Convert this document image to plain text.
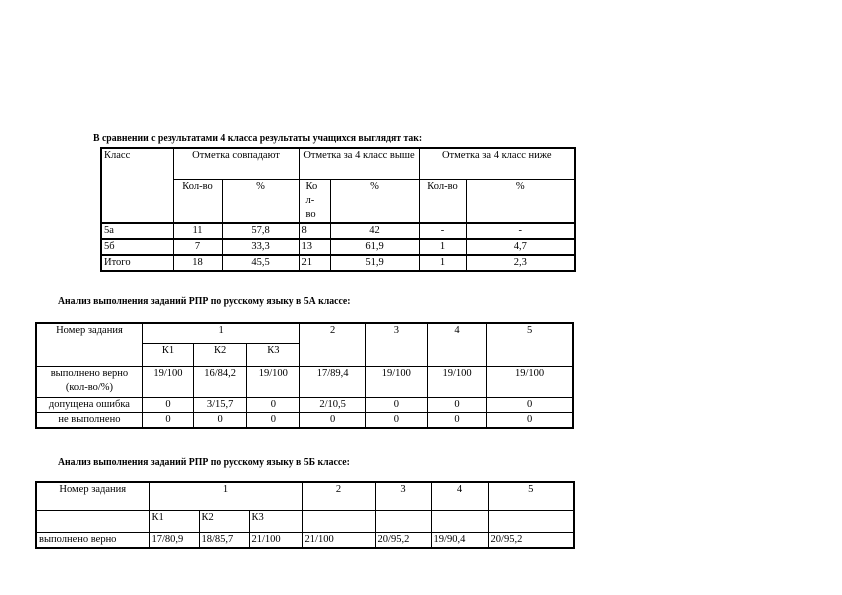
В сравнении с результатами 4 класса результаты учащихся выглядят так:
Класс	Отметка совпадают		Отметка за 4 класс выше		Отметка за 4 класс ниже	
	Кол-во	%	Ко л- во	%	Кол-во	%
5а	11	57,8	8	42	-	-
5б	7	33,3	13	61,9	1	4,7
Итого	18	45,5	21	51,9	1	2,3
Анализ выполнения заданий РПР по русскому языку в 5А классе:
Номер задания	1			2	3	4	5
	К1	К2	К3				
выполнено верно (кол-во/%)	19/100	16/84,2	19/100	17/89,4	19/100	19/100	19/100
допущена ошибка	0	3/15,7	0	2/10,5	0	0	0
не выполнено	0	0	0	0	0	0	0
Анализ выполнения заданий РПР по русскому языку в 5Б классе:
Номер задания	1			2	3	4	5
	К1	К2	К3				
выполнено верно	17/80,9	18/85,7	21/100	21/100	20/95,2	19/90,4	20/95,2
